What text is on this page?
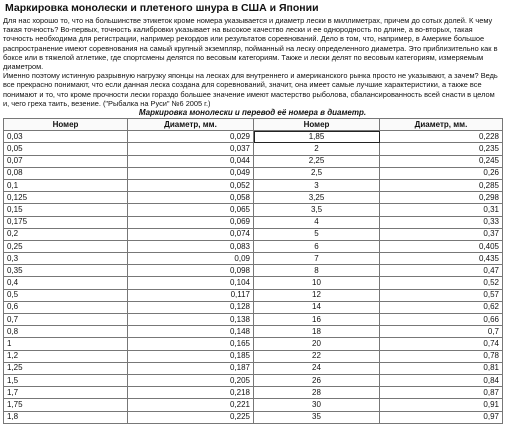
Маркировка монолески и плетеного шнура в США и Японии

Для нас хорошо то, что на большинстве этикеток кроме номера указывается и диаметр лески в миллиметрах, причем до сотых долей. К чему такая точность? Во-первых, точность калибровки указывает на высокое качество лески и ее однородность по длине, а во-вторых, такая точность необходима для регистрации, например рекордов или результатов соревнований. Дело в том, что, например, в Америке большое распространение имеют соревнования на самый крупный экземпляр, пойманный на леску определенного диаметра. Это приблизительно как в боксе или в тяжелой атлетике, где спортсмены делятся по весовым категориям. Также и лески делят по весовым категориям, измеряемым диаметром.

Именно поэтому истинную разрывную нагрузку японцы на лесках для внутреннего и американского рынка просто не указывают, а зачем? Ведь все прекрасно понимают, что если данная леска создана для соревнований, значит, она имеет самые лучшие характеристики, а также все понимают и то, что кроме прочности лески гораздо большее значение имеют мастерство рыболова, сбалансированность всей снасти в целом и, чего греха таить, везение. ("Рыбалка на Руси" №6 2005 г.)

Маркировка монолески и перевод её номера в диаметр.
Номер	Диаметр, мм.	Номер	Диаметр, мм.
0,03	0,029	1,85	0,228
0,05	0,037	2	0,235
0,07	0,044	2,25	0,245
0,08	0,049	2,5	0,26
0,1	0,052	3	0,285
0,125	0,058	3,25	0,298
0,15	0,065	3,5	0,31
0,175	0,069	4	0,33
0,2	0,074	5	0,37
0,25	0,083	6	0,405
0,3	0,09	7	0,435
0,35	0,098	8	0,47
0,4	0,104	10	0,52
0,5	0,117	12	0,57
0,6	0,128	14	0,62
0,7	0,138	16	0,66
0,8	0,148	18	0,7
1	0,165	20	0,74
1,2	0,185	22	0,78
1,25	0,187	24	0,81
1,5	0,205	26	0,84
1,7	0,218	28	0,87
1,75	0,221	30	0,91
1,8	0,225	35	0,97
